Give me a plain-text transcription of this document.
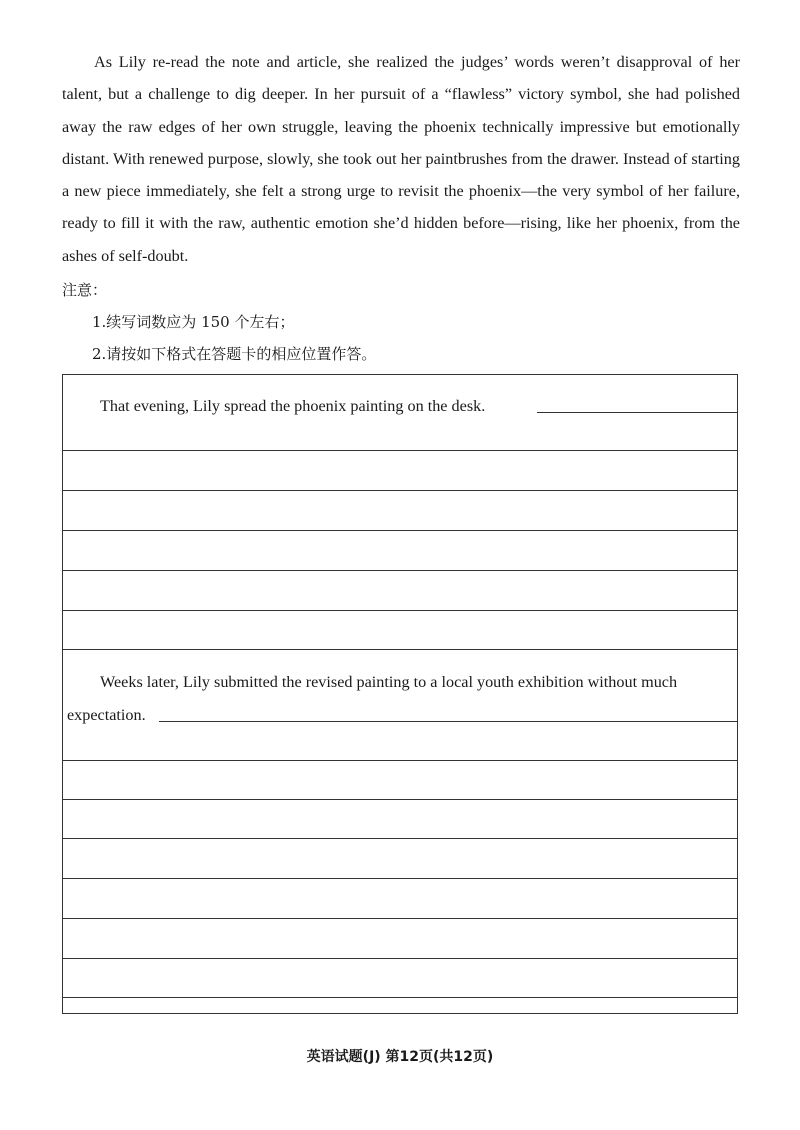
As Lily re-read the note and article, she realized the judges’ words weren’t disapproval of her talent, but a challenge to dig deeper. In her pursuit of a “flawless” victory symbol, she had polished away the raw edges of her own struggle, leaving the phoenix technically impressive but emotionally distant. With renewed purpose, slowly, she took out her paintbrushes from the drawer. Instead of starting a new piece immediately, she felt a strong urge to revisit the phoenix—the very symbol of her failure, ready to fill it with the raw, authentic emotion she’d hidden before—rising, like her phoenix, from the ashes of self-doubt.

注意：
1.续写词数应为 150 个左右；
2.请按如下格式在答题卡的相应位置作答。
That evening, Lily spread the phoenix painting on the desk.
Weeks later, Lily submitted the revised painting to a local youth exhibition without much
expectation.
英语试题(J) 第12页(共12页)
